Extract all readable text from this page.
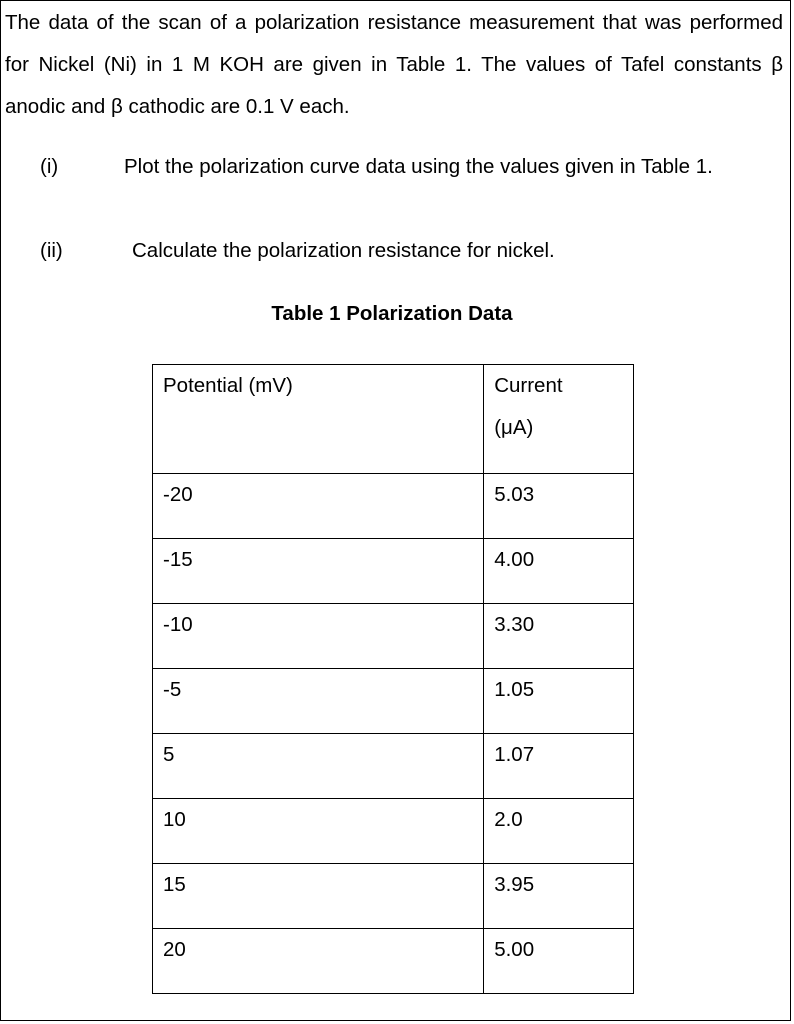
The data of the scan of a polarization resistance measurement that was performed for Nickel (Ni) in 1 M KOH are given in Table 1. The values of Tafel constants β anodic and β cathodic are 0.1 V each.

(i)	Plot the polarization curve data using the values given in Table 1.
(ii)	Calculate the polarization resistance for nickel.
Table 1 Polarization Data
Potential (mV)	Current
(μA)

-20	5.03
-15	4.00
-10	3.30
-5	1.05
5	1.07
10	2.0
15	3.95
20	5.00
